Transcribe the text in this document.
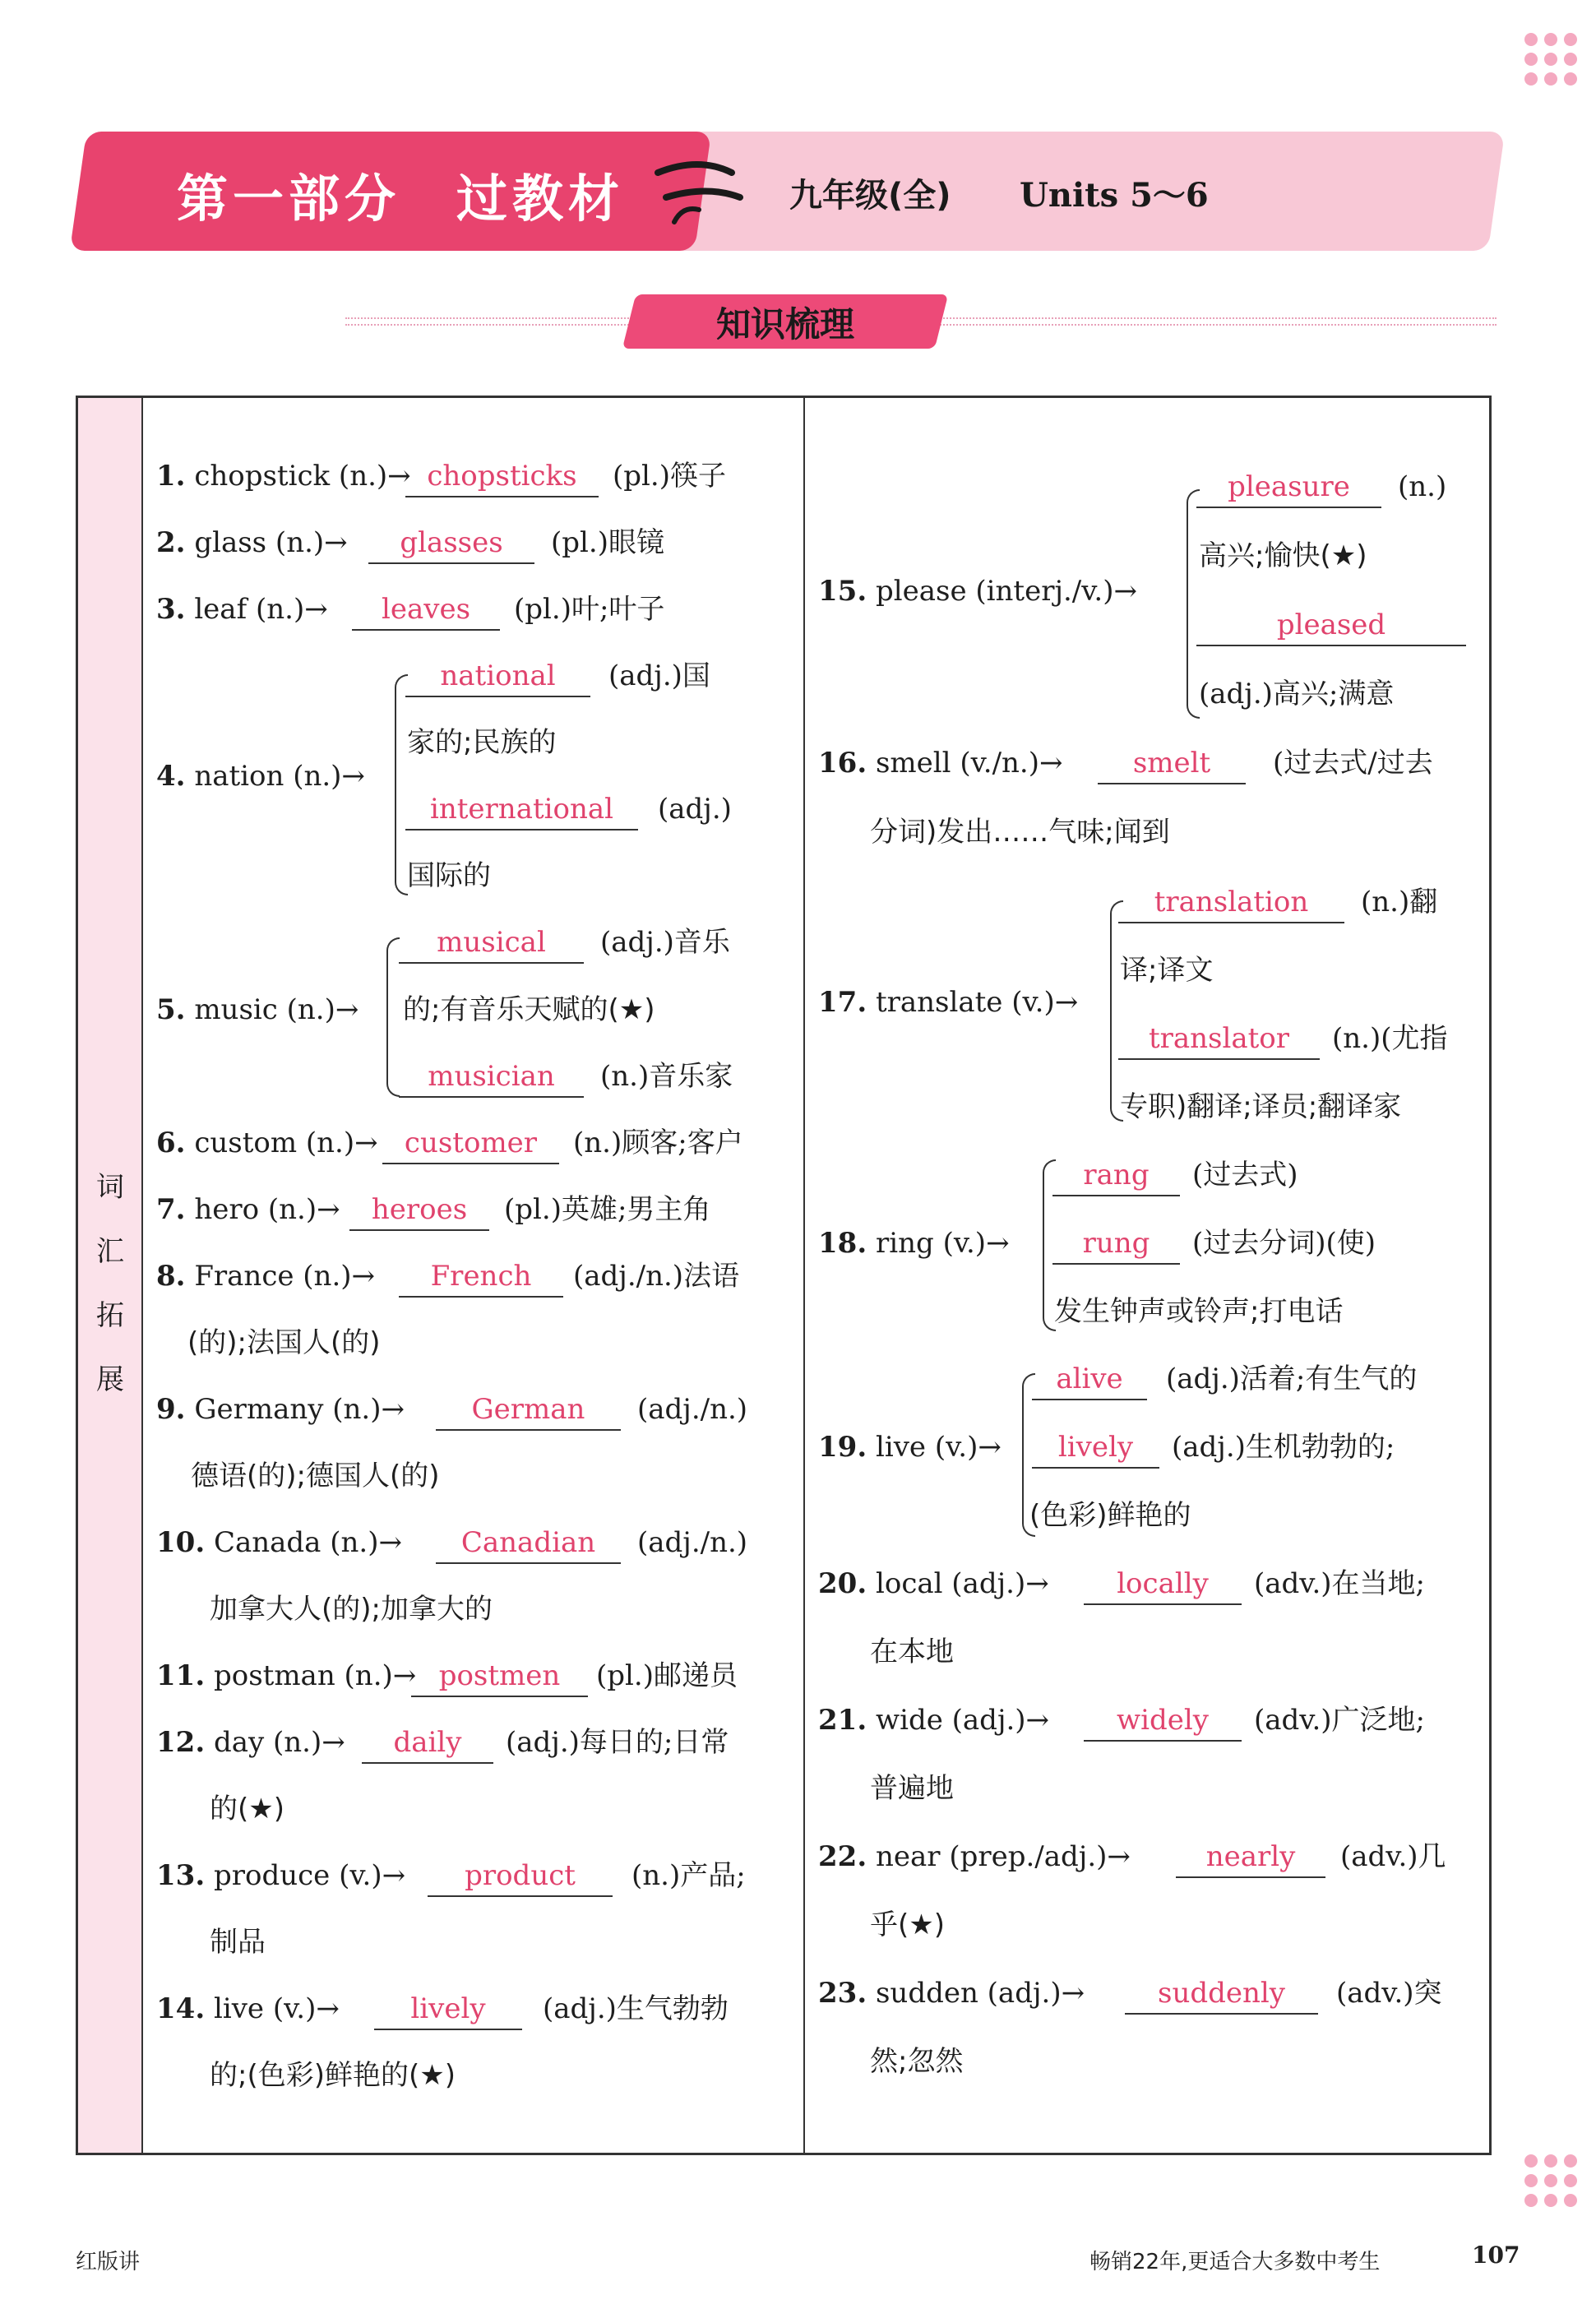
第一部分　过教材	九年级(全) Units 5～6
知识梳理
词汇拓展
1. chopstick (n.)→ chopsticks	(pl.)筷子
2. glass (n.)→	glasses	(pl.)眼镜
3. leaf (n.)→	leaves	(pl.)叶;叶子
4. nation (n.)→
national	(adj.)国
家的;民族的
international	(adj.)
国际的
5. music (n.)→
musical	(adj.)音乐
的;有音乐天赋的(★)
musician	(n.)音乐家
6. custom (n.)→ customer	(n.)顾客;客户
7. hero (n.)→	heroes	(pl.)英雄;男主角
8. France (n.)→	French	(adj./n.)法语
(的);法国人(的)
9. Germany (n.)→	German	(adj./n.)
德语(的);德国人(的)
10. Canada (n.)→	Canadian	(adj./n.)
加拿大人(的);加拿大的
11. postman (n.)→ postmen	(pl.)邮递员
12. day (n.)→	daily	(adj.)每日的;日常
的(★)
13. produce (v.)→	product	(n.)产品;
制品
14. live (v.)→	lively	(adj.)生气勃勃
的;(色彩)鲜艳的(★)
15. please (interj./v.)→
pleasure	(n.)
高兴;愉快(★)
pleased
(adj.)高兴;满意
16. smell (v./n.)→	smelt	(过去式/过去
分词)发出……气味;闻到
17. translate (v.)→
translation	(n.)翻
译;译文
translator	(n.)(尤指
专职)翻译;译员;翻译家
18. ring (v.)→
rang	(过去式)
rung	(过去分词)(使)
发生钟声或铃声;打电话
19. live (v.)→
alive	(adj.)活着;有生气的
lively	(adj.)生机勃勃的;
(色彩)鲜艳的
20. local (adj.)→	locally	(adv.)在当地;
在本地
21. wide (adj.)→	widely	(adv.)广泛地;
普遍地
22. near (prep./adj.)→	nearly	(adv.)几
乎(★)
23. sudden (adj.)→	suddenly	(adv.)突
然;忽然
红版讲	畅销22年,更适合大多数中考生	107
